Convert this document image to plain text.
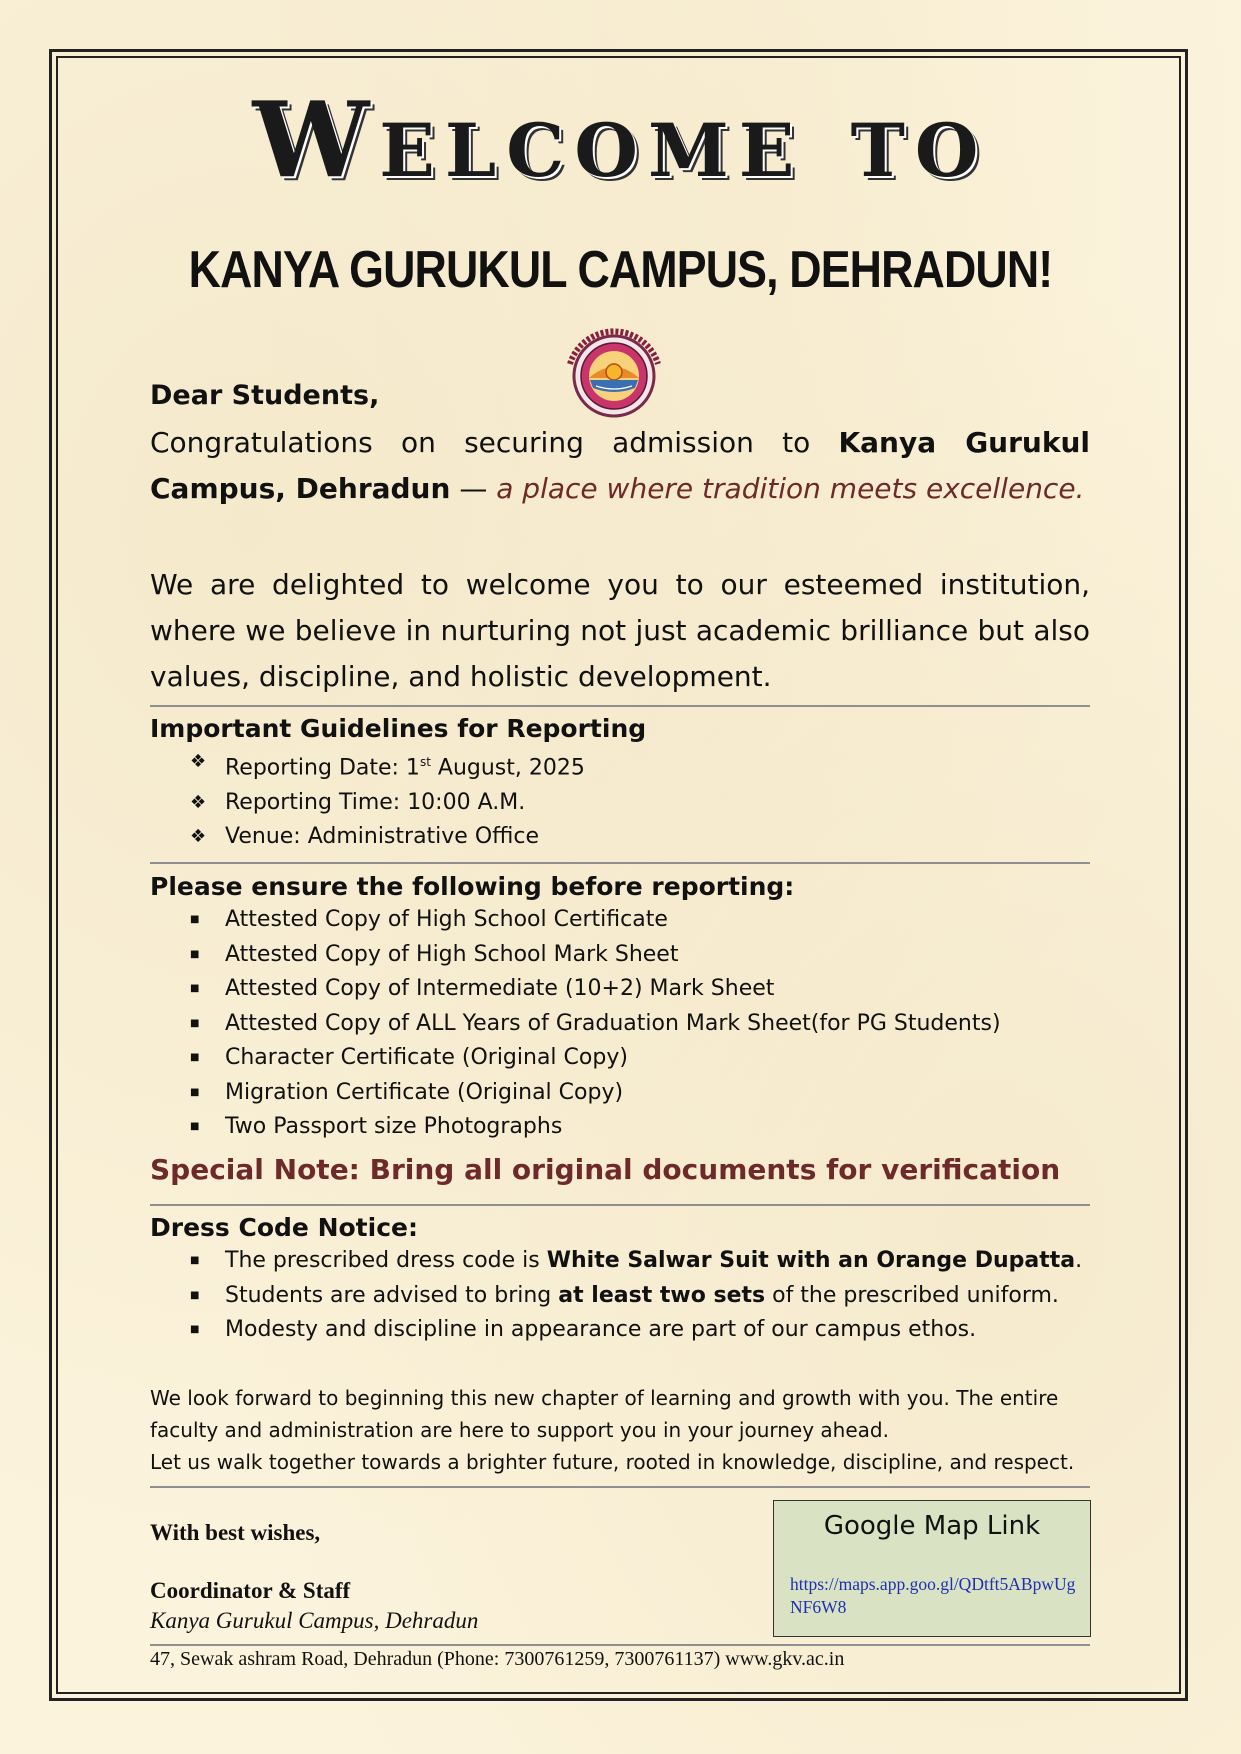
Welcome to
KANYA GURUKUL CAMPUS, DEHRADUN!
Dear Students,
Congratulations on securing admission to Kanya Gurukul Campus, Dehradun — a place where tradition meets excellence.
We are delighted to welcome you to our esteemed institution, where we believe in nurturing not just academic brilliance but also values, discipline, and holistic development.
Important Guidelines for Reporting
❖ Reporting Date: 1st August, 2025
❖ Reporting Time: 10:00 A.M.
❖ Venue: Administrative Office
Please ensure the following before reporting:
■ Attested Copy of High School Certificate
■ Attested Copy of High School Mark Sheet
■ Attested Copy of Intermediate (10+2) Mark Sheet
■ Attested Copy of ALL Years of Graduation Mark Sheet(for PG Students)
■ Character Certificate (Original Copy)
■ Migration Certificate (Original Copy)
■ Two Passport size Photographs
Special Note: Bring all original documents for verification
Dress Code Notice:
■ The prescribed dress code is White Salwar Suit with an Orange Dupatta.
■ Students are advised to bring at least two sets of the prescribed uniform.
■ Modesty and discipline in appearance are part of our campus ethos.
We look forward to beginning this new chapter of learning and growth with you. The entire
faculty and administration are here to support you in your journey ahead.
Let us walk together towards a brighter future, rooted in knowledge, discipline, and respect.
With best wishes,
Coordinator & Staff
Kanya Gurukul Campus, Dehradun
Google Map Link
https://maps.app.goo.gl/QDtft5ABpwUgNF6W8
47, Sewak ashram Road, Dehradun (Phone: 7300761259, 7300761137) www.gkv.ac.in
